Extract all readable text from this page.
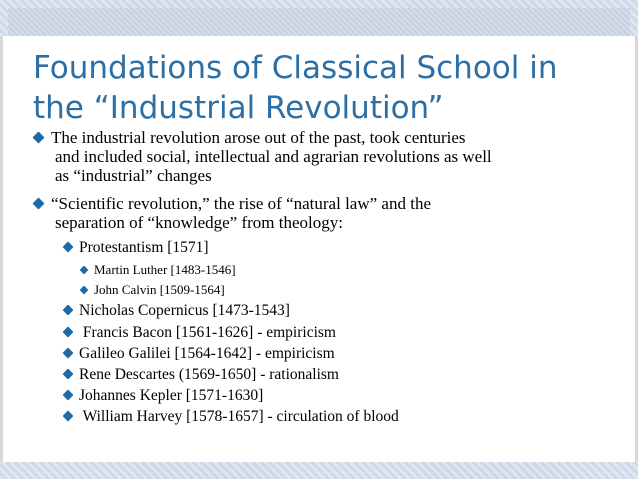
Foundations of Classical School in
the “Industrial Revolution”
The industrial revolution arose out of the past, took centuries
and included social, intellectual and agrarian revolutions as well
as “industrial” changes
“Scientific revolution,” the rise of “natural law” and the
separation of “knowledge” from theology:
Protestantism [1571]
Martin Luther [1483-1546]
John Calvin [1509-1564]
Nicholas Copernicus [1473-1543]
Francis Bacon [1561-1626] - empiricism
Galileo Galilei [1564-1642] - empiricism
Rene Descartes (1569-1650] - rationalism
Johannes Kepler [1571-1630]
William Harvey [1578-1657] - circulation of blood
